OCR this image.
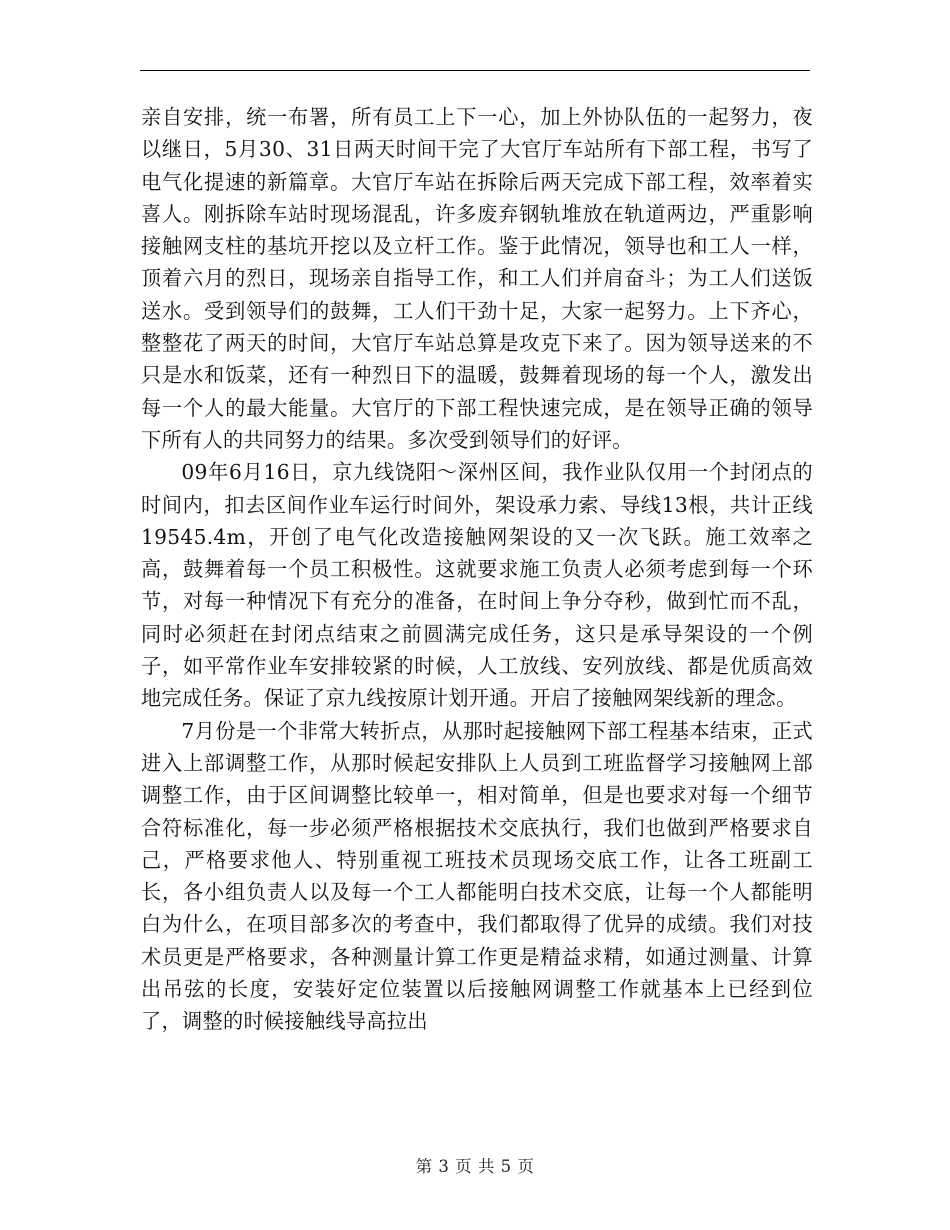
亲自安排，统一布署，所有员工上下一心，加上外协队伍的一起努力，夜以继日，5月30、31日两天时间干完了大官厅车站所有下部工程，书写了电气化提速的新篇章。大官厅车站在拆除后两天完成下部工程，效率着实喜人。刚拆除车站时现场混乱，许多废弃钢轨堆放在轨道两边，严重影响接触网支柱的基坑开挖以及立杆工作。鉴于此情况，领导也和工人一样，顶着六月的烈日，现场亲自指导工作，和工人们并肩奋斗；为工人们送饭送水。受到领导们的鼓舞，工人们干劲十足，大家一起努力。上下齐心，整整花了两天的时间，大官厅车站总算是攻克下来了。因为领导送来的不只是水和饭菜，还有一种烈日下的温暖，鼓舞着现场的每一个人，激发出每一个人的最大能量。大官厅的下部工程快速完成，是在领导正确的领导下所有人的共同努力的结果。多次受到领导们的好评。

09年6月16日，京九线饶阳～深州区间，我作业队仅用一个封闭点的时间内，扣去区间作业车运行时间外，架设承力索、导线13根，共计正线19545.4m，开创了电气化改造接触网架设的又一次飞跃。施工效率之高，鼓舞着每一个员工积极性。这就要求施工负责人必须考虑到每一个环节，对每一种情况下有充分的准备，在时间上争分夺秒，做到忙而不乱，同时必须赶在封闭点结束之前圆满完成任务，这只是承导架设的一个例子，如平常作业车安排较紧的时候，人工放线、安列放线、都是优质高效地完成任务。保证了京九线按原计划开通。开启了接触网架线新的理念。

7月份是一个非常大转折点，从那时起接触网下部工程基本结束，正式进入上部调整工作，从那时候起安排队上人员到工班监督学习接触网上部调整工作，由于区间调整比较单一，相对简单，但是也要求对每一个细节合符标准化，每一步必须严格根据技术交底执行，我们也做到严格要求自己，严格要求他人、特别重视工班技术员现场交底工作，让各工班副工长，各小组负责人以及每一个工人都能明白技术交底，让每一个人都能明白为什么，在项目部多次的考查中，我们都取得了优异的成绩。我们对技术员更是严格要求，各种测量计算工作更是精益求精，如通过测量、计算出吊弦的长度，安装好定位装置以后接触网调整工作就基本上已经到位了，调整的时候接触线导高拉出

第 3 页 共 5 页
